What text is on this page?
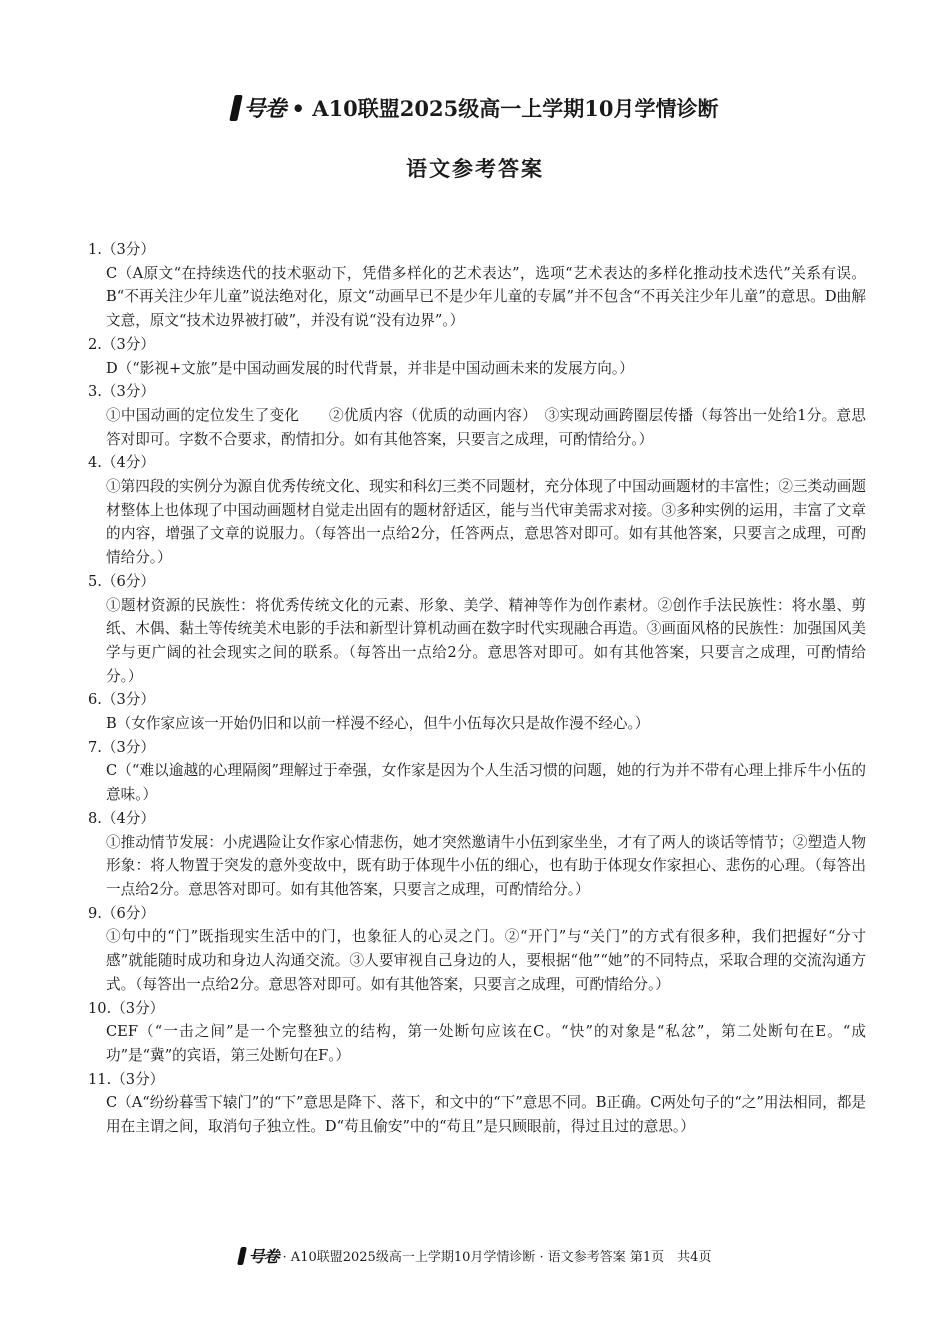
号卷 • A10联盟2025级高一上学期10月学情诊断
语文参考答案

1.（3分）

C（A原文“在持续迭代的技术驱动下，凭借多样化的艺术表达”，选项“艺术表达的多样化推动技术迭代”关系有误。B“不再关注少年儿童”说法绝对化，原文“动画早已不是少年儿童的专属”并不包含“不再关注少年儿童”的意思。D曲解文意，原文“技术边界被打破”，并没有说“没有边界”。）

2.（3分）

D（“影视+文旅”是中国动画发展的时代背景，并非是中国动画未来的发展方向。）

3.（3分）

①中国动画的定位发生了变化　　②优质内容（优质的动画内容）　③实现动画跨圈层传播（每答出一处给1分。意思答对即可。字数不合要求，酌情扣分。如有其他答案，只要言之成理，可酌情给分。）

4.（4分）

①第四段的实例分为源自优秀传统文化、现实和科幻三类不同题材，充分体现了中国动画题材的丰富性；②三类动画题材整体上也体现了中国动画题材自觉走出固有的题材舒适区，能与当代审美需求对接。③多种实例的运用，丰富了文章的内容，增强了文章的说服力。（每答出一点给2分，任答两点，意思答对即可。如有其他答案，只要言之成理，可酌情给分。）

5.（6分）

①题材资源的民族性：将优秀传统文化的元素、形象、美学、精神等作为创作素材。②创作手法民族性：将水墨、剪纸、木偶、黏土等传统美术电影的手法和新型计算机动画在数字时代实现融合再造。③画面风格的民族性：加强国风美学与更广阔的社会现实之间的联系。（每答出一点给2分。意思答对即可。如有其他答案，只要言之成理，可酌情给分。）

6.（3分）

B（女作家应该一开始仍旧和以前一样漫不经心，但牛小伍每次只是故作漫不经心。）

7.（3分）

C（“难以逾越的心理隔阂”理解过于牵强，女作家是因为个人生活习惯的问题，她的行为并不带有心理上排斥牛小伍的意味。）

8.（4分）

①推动情节发展：小虎遇险让女作家心情悲伤，她才突然邀请牛小伍到家坐坐，才有了两人的谈话等情节；②塑造人物形象：将人物置于突发的意外变故中，既有助于体现牛小伍的细心，也有助于体现女作家担心、悲伤的心理。（每答出一点给2分。意思答对即可。如有其他答案，只要言之成理，可酌情给分。）

9.（6分）

①句中的“门”既指现实生活中的门，也象征人的心灵之门。②“开门”与“关门”的方式有很多种，我们把握好“分寸感”就能随时成功和身边人沟通交流。③人要审视自己身边的人，要根据“他”“她”的不同特点，采取合理的交流沟通方式。（每答出一点给2分。意思答对即可。如有其他答案，只要言之成理，可酌情给分。）

10.（3分）

CEF（“一击之间”是一个完整独立的结构，第一处断句应该在C。“快”的对象是“私忿”，第二处断句在E。“成功”是“冀”的宾语，第三处断句在F。）

11.（3分）

C（A“纷纷暮雪下辕门”的“下”意思是降下、落下，和文中的“下”意思不同。B正确。C两处句子的“之”用法相同，都是用在主谓之间，取消句子独立性。D“苟且偷安”中的“苟且”是只顾眼前，得过且过的意思。）

号卷 · A10联盟2025级高一上学期10月学情诊断 · 语文参考答案 第1页　共4页
